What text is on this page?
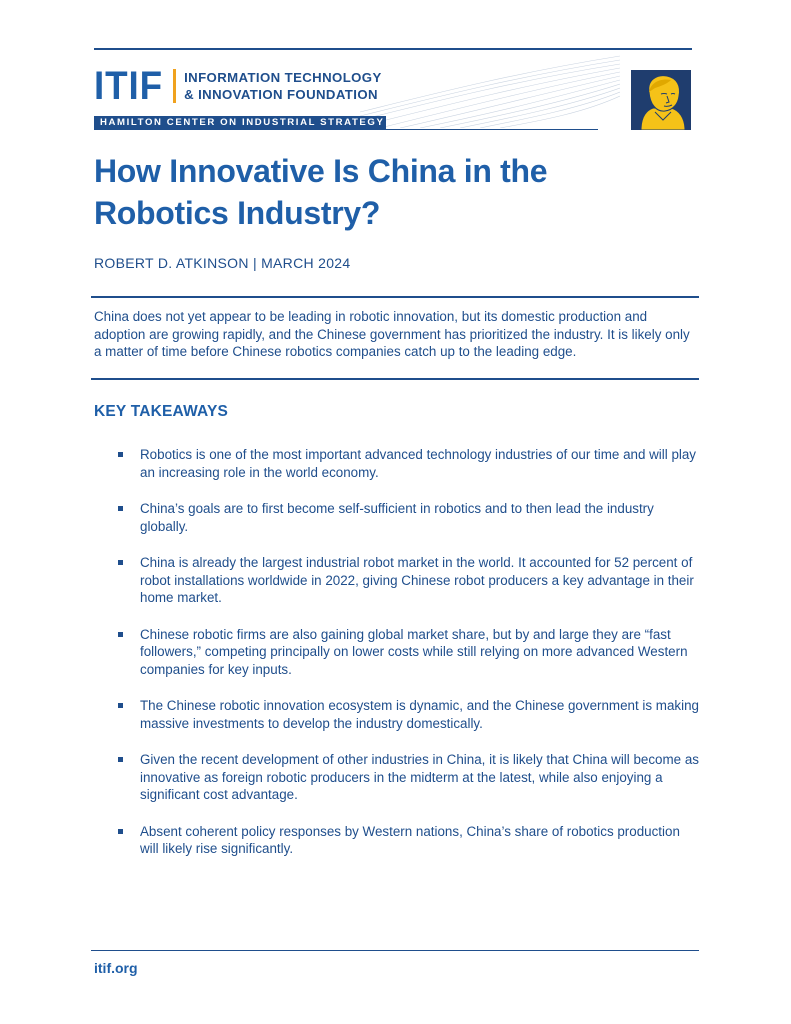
ITIF INFORMATION TECHNOLOGY
& INNOVATION FOUNDATION
HAMILTON CENTER ON INDUSTRIAL STRATEGY
How Innovative Is China in the Robotics Industry?
ROBERT D. ATKINSON | MARCH 2024

China does not yet appear to be leading in robotic innovation, but its domestic production and adoption are growing rapidly, and the Chinese government has prioritized the industry. It is likely only a matter of time before Chinese robotics companies catch up to the leading edge.

KEY TAKEAWAYS
Robotics is one of the most important advanced technology industries of our time and will play an increasing role in the world economy.
China’s goals are to first become self-sufficient in robotics and to then lead the industry globally.
China is already the largest industrial robot market in the world. It accounted for 52 percent of robot installations worldwide in 2022, giving Chinese robot producers a key advantage in their home market.
Chinese robotic firms are also gaining global market share, but by and large they are “fast followers,” competing principally on lower costs while still relying on more advanced Western companies for key inputs.
The Chinese robotic innovation ecosystem is dynamic, and the Chinese government is making massive investments to develop the industry domestically.
Given the recent development of other industries in China, it is likely that China will become as innovative as foreign robotic producers in the midterm at the latest, while also enjoying a significant cost advantage.
Absent coherent policy responses by Western nations, China’s share of robotics production will likely rise significantly.
itif.org
